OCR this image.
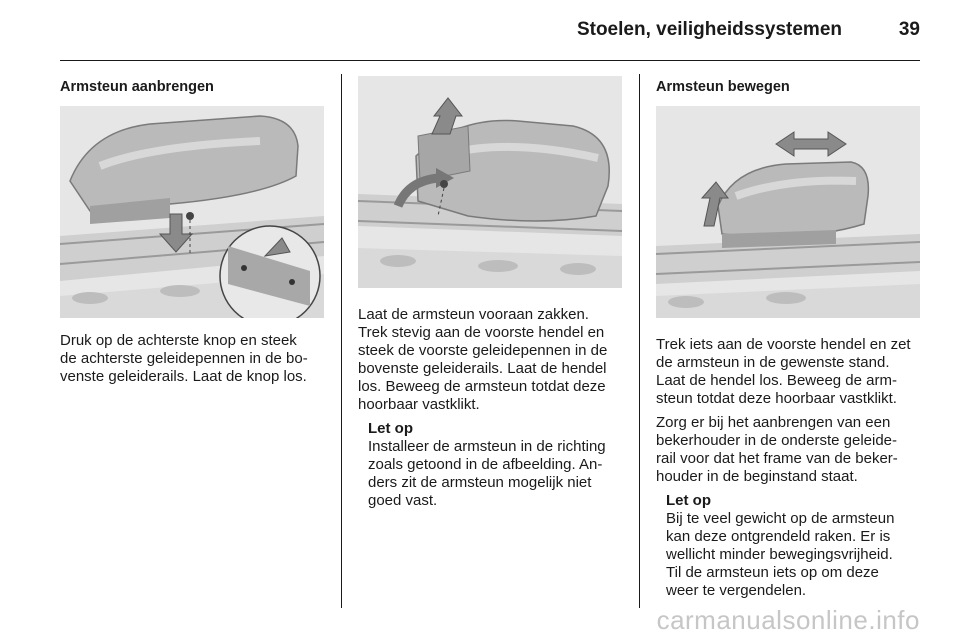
Stoelen, veiligheidssystemen	39
Armsteun aanbrengen

Druk op de achterste knop en steek
de achterste geleidepennen in de bo-
venste geleiderails. Laat de knop los.

Laat de armsteun vooraan zakken.
Trek stevig aan de voorste hendel en
steek de voorste geleidepennen in de
bovenste geleiderails. Laat de hendel
los. Beweeg de armsteun totdat deze
hoorbaar vastklikt.

Let op

Installeer de armsteun in de richting
zoals getoond in de afbeelding. An-
ders zit de armsteun mogelijk niet
goed vast.

Armsteun bewegen

Trek iets aan de voorste hendel en zet
de armsteun in de gewenste stand.
Laat de hendel los. Beweeg de arm-
steun totdat deze hoorbaar vastklikt.

Zorg er bij het aanbrengen van een
bekerhouder in de onderste geleide-
rail voor dat het frame van de beker-
houder in de beginstand staat.

Let op

Bij te veel gewicht op de armsteun
kan deze ontgrendeld raken. Er is
wellicht minder bewegingsvrijheid.
Til de armsteun iets op om deze
weer te vergendelen.

carmanualsonline.info
